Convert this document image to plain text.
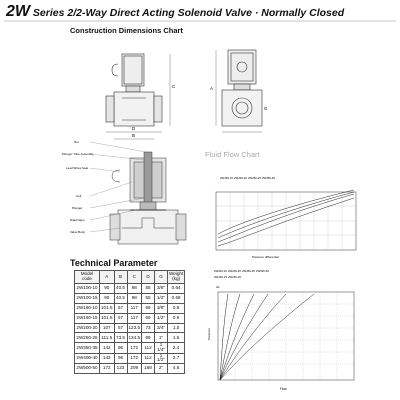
2W Series 2/2-Way Direct Acting Solenoid Valve · Normally Closed
Construction Dimensions Chart
D
B
C	A
G
Nut
Plunger Tube Assembly
Lead Wires Seal
Coil
Plunger
Diaphragm
Valve Body
Fluid Flow Chart
2W160-15 2W200-20 2W250-25 2W350-35
Pressure differential
2W040-10 2W200-20 2W350-35 2W500-50
2W160-15 2W250-25
Air
Pressure
Flow
Technical Parameter
Model code	A	B	C	D	G	Weight (kg)
2W100-10	90	40.5	98	55	3/8"	0.64
2W100-15	90	40.5	98	55	1/2"	0.68
2W160-10	101.5	57	117	69	3/8"	0.9
2W160-15	101.5	57	117	69	1/2"	0.9
2W200-20	107	57	123.5	73	3/4"	1.0
2W250-25	111.5	73.5	134.5	99	1"	1.5
2W350-35	142	96	172	112	1 1/4"	2.4
2W400-40	142	96	172	112	1 1/2"	2.7
2W500-50	172	123	209	168	2"	4.5
